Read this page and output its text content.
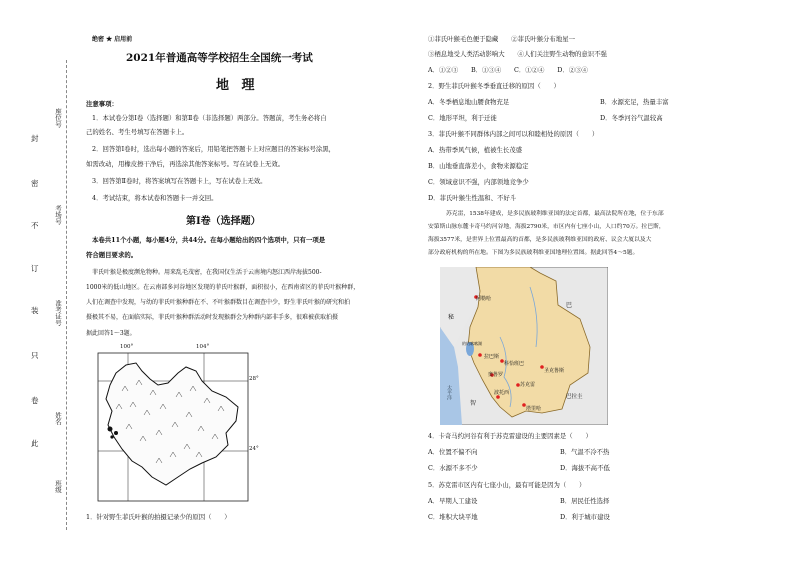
封
密
不
订
装
只
卷
此
座位号
考场号
准考证号
姓名
班级
绝密 ★ 启用前
2021年普通高等学校招生全国统一考试
地 理
注意事项：
1．本试卷分第Ⅰ卷（选择题）和第Ⅱ卷（非选择题）两部分。答题前，考生务必将自
己的姓名、考生号填写在答题卡上。
2．回答第Ⅰ卷时，选出每小题的答案后，用铅笔把答题卡上对应题目的答案标号涂黑，
如需改动，用橡皮擦干净后，再选涂其他答案标号。写在试卷上无效。
3．回答第Ⅱ卷时，将答案填写在答题卡上，写在试卷上无效。
4．考试结束，将本试卷和答题卡一并交回。
第Ⅰ卷（选择题）
本卷共11个小题，每小题4分，共44分。在每小题给出的四个选项中，只有一项是
符合题目要求的。
菲氏叶猴是极度濒危物种。用来乱毛茂密，在我国仅生活于云南境内怒江西岸海拔500-
1000米的低山地区。在云南部多河谷地区发现的菲氏叶猴群，面积很小，在西南省区的菲氏叶猴种群，
人们在调查中发现，与幼的菲氏叶猴种群在不、不叶猴群数目在调查中少，野生菲氏叶猴的研究和拍
摄极其不易，在面临实际，菲氏叶猴种群活动时发现猴群会为种群内部非手多，很难被获取拍摄
据此回答1～3题。
100°	104°
28°
24°
1．针对野生菲氏叶猴的拍摄记录少的原因（　　）
①菲氏叶猴毛色便于隐藏　　②菲氏叶猴分布地星一
③栖息地受人类活动影响大　　④人们关注野生动物的意识不强
A．①②③　　B．①③④　　C．①②④　　D．②③④
2．野生菲氏叶猴冬季垂直迁移的原因（　　）
A．冬季栖息地山腰食物充足	B．水源充足，热量丰富
C．地形平坦，利于迁徙	D．冬季河谷气温较高
3．菲氏叶猴不同群体内部之间可以和睦相处的原因（　　）
A．热带季风气候，植被生长茂盛
B．山地垂直落差小，食物来源稳定
C．领域意识不强，内部领地竞争少
D．菲氏叶猴生性温和、不好斗
苏克雷，1538年建成，是多民族玻利维亚国的法定首都，最高法院所在地，位于东部
安第斯山脉东麓卡奇马约河谷地，海拔2790米，市区内有七座小山，人口约70万。拉巴斯，
海拔3577米，是世界上位置最高的首都，是多民族玻利维亚国的政府、议会大厦以及大
部分政府机构的所在地。下图为多民族玻利维亚国地理位置图。据此回答4～5题。
阿勒哈
巴
秘
的的喀喀湖
拉巴斯
科恰班巴
圣克鲁斯
奥鲁罗
苏克雷
波托西
智
塔里哈
巴拉圭
太平洋
4．卡奇马约河谷有利于苏克雷建设的主要因素是（　　）
A．位置不偏不向	B．气温不冷不热
C．水源不多不少	D．海拔不高不低
5．苏克雷市区内有七座小山，最有可能是因为（　　）
A．早期人工建设	B．居民任性选择
C．堆积大块平地	D．利于城市建设
